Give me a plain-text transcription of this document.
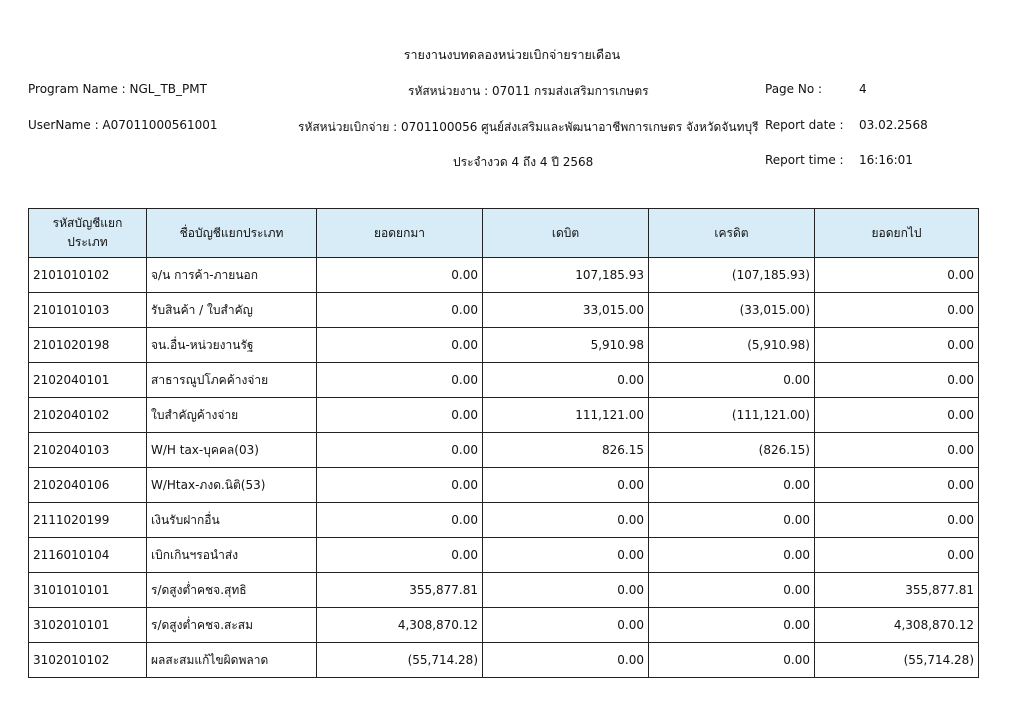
รายงานงบทดลองหน่วยเบิกจ่ายรายเดือน
Program Name : NGL_TB_PMT
UserName : A07011000561001
รหัสหน่วยงาน : 07011 กรมส่งเสริมการเกษตร
รหัสหน่วยเบิกจ่าย : 0701100056 ศูนย์ส่งเสริมและพัฒนาอาชีพการเกษตร จังหวัดจันทบุรี
ประจำงวด 4 ถึง 4 ปี 2568
Page No :	4
Report date : 03.02.2568
Report time : 16:16:01
รหัสบัญชีแยกประเภท	ชื่อบัญชีแยกประเภท	ยอดยกมา	เดบิต	เครดิต	ยอดยกไป
2101010102	จ/น การค้า-ภายนอก	0.00	107,185.93	(107,185.93)	0.00
2101010103	รับสินค้า / ใบสำคัญ	0.00	33,015.00	(33,015.00)	0.00
2101020198	จน.อื่น-หน่วยงานรัฐ	0.00	5,910.98	(5,910.98)	0.00
2102040101	สาธารณูปโภคค้างจ่าย	0.00	0.00	0.00	0.00
2102040102	ใบสำคัญค้างจ่าย	0.00	111,121.00	(111,121.00)	0.00
2102040103	W/H tax-บุคคล(03)	0.00	826.15	(826.15)	0.00
2102040106	W/Htax-ภงด.นิติ(53)	0.00	0.00	0.00	0.00
2111020199	เงินรับฝากอื่น	0.00	0.00	0.00	0.00
2116010104	เบิกเกินฯรอนำส่ง	0.00	0.00	0.00	0.00
3101010101	ร/ดสูงต่ำคชจ.สุทธิ	355,877.81	0.00	0.00	355,877.81
3102010101	ร/ดสูงต่ำคชจ.สะสม	4,308,870.12	0.00	0.00	4,308,870.12
3102010102	ผลสะสมแก้ไขผิดพลาด	(55,714.28)	0.00	0.00	(55,714.28)
